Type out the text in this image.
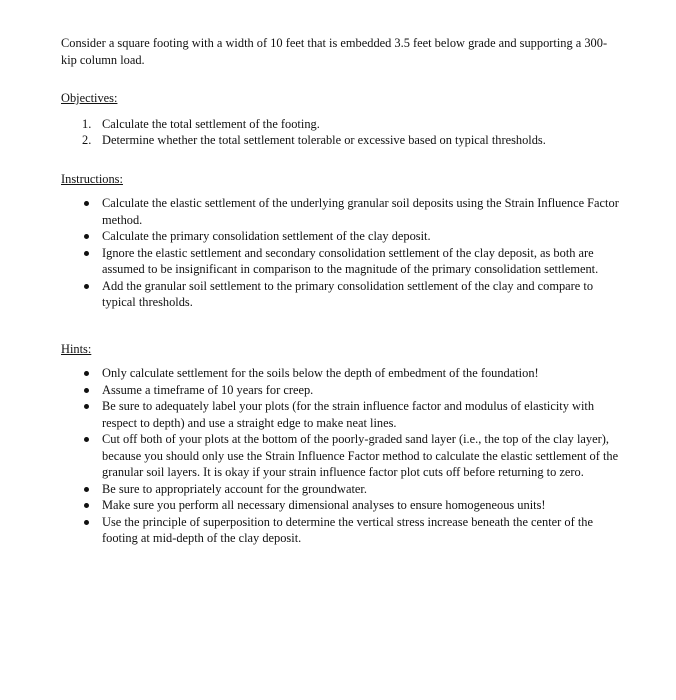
Consider a square footing with a width of 10 feet that is embedded 3.5 feet below grade and supporting a 300-kip column load.

Objectives:

1. Calculate the total settlement of the footing.
2. Determine whether the total settlement tolerable or excessive based on typical thresholds.

Instructions:

Calculate the elastic settlement of the underlying granular soil deposits using the Strain Influence Factor method.
Calculate the primary consolidation settlement of the clay deposit.
Ignore the elastic settlement and secondary consolidation settlement of the clay deposit, as both are assumed to be insignificant in comparison to the magnitude of the primary consolidation settlement.
Add the granular soil settlement to the primary consolidation settlement of the clay and compare to typical thresholds.

Hints:

Only calculate settlement for the soils below the depth of embedment of the foundation!
Assume a timeframe of 10 years for creep.
Be sure to adequately label your plots (for the strain influence factor and modulus of elasticity with respect to depth) and use a straight edge to make neat lines.
Cut off both of your plots at the bottom of the poorly-graded sand layer (i.e., the top of the clay layer), because you should only use the Strain Influence Factor method to calculate the elastic settlement of the granular soil layers. It is okay if your strain influence factor plot cuts off before returning to zero.
Be sure to appropriately account for the groundwater.
Make sure you perform all necessary dimensional analyses to ensure homogeneous units!
Use the principle of superposition to determine the vertical stress increase beneath the center of the footing at mid-depth of the clay deposit.
